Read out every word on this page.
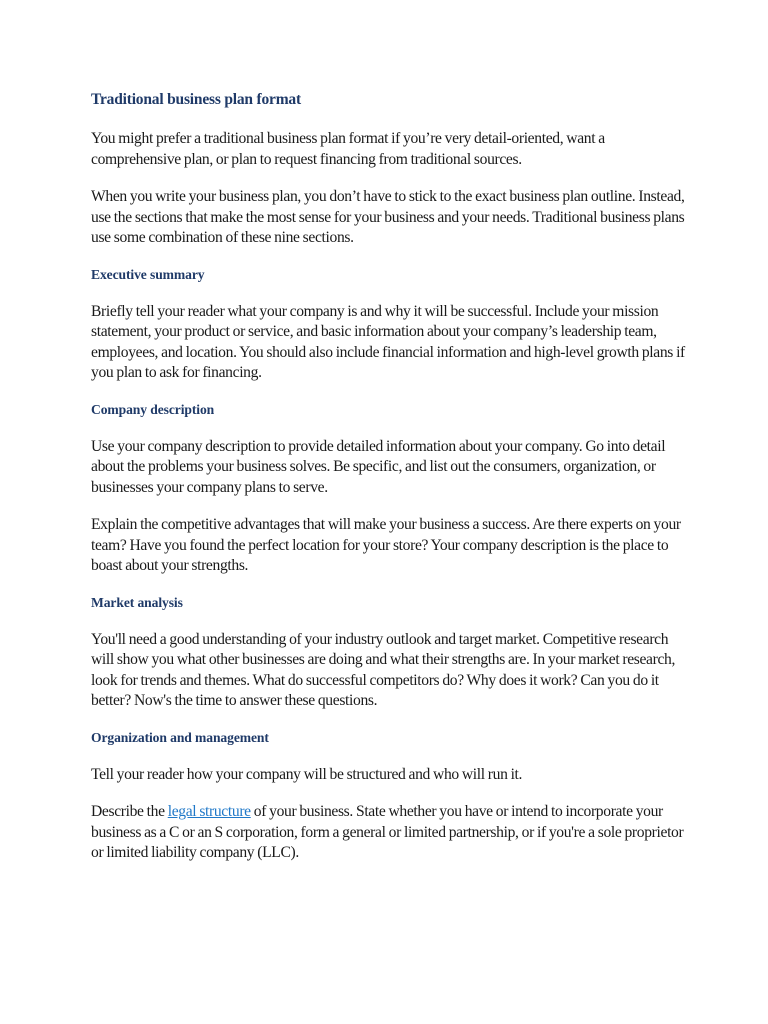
Traditional business plan format

You might prefer a traditional business plan format if you’re very detail-oriented, want a comprehensive plan, or plan to request financing from traditional sources.

When you write your business plan, you don’t have to stick to the exact business plan outline. Instead, use the sections that make the most sense for your business and your needs. Traditional business plans use some combination of these nine sections.

Executive summary

Briefly tell your reader what your company is and why it will be successful. Include your mission statement, your product or service, and basic information about your company’s leadership team, employees, and location. You should also include financial information and high-level growth plans if you plan to ask for financing.

Company description

Use your company description to provide detailed information about your company. Go into detail about the problems your business solves. Be specific, and list out the consumers, organization, or businesses your company plans to serve.

Explain the competitive advantages that will make your business a success. Are there experts on your team? Have you found the perfect location for your store? Your company description is the place to boast about your strengths.

Market analysis

You'll need a good understanding of your industry outlook and target market. Competitive research will show you what other businesses are doing and what their strengths are. In your market research, look for trends and themes. What do successful competitors do? Why does it work? Can you do it better? Now's the time to answer these questions.

Organization and management

Tell your reader how your company will be structured and who will run it.

Describe the legal structure of your business. State whether you have or intend to incorporate your business as a C or an S corporation, form a general or limited partnership, or if you're a sole proprietor or limited liability company (LLC).
